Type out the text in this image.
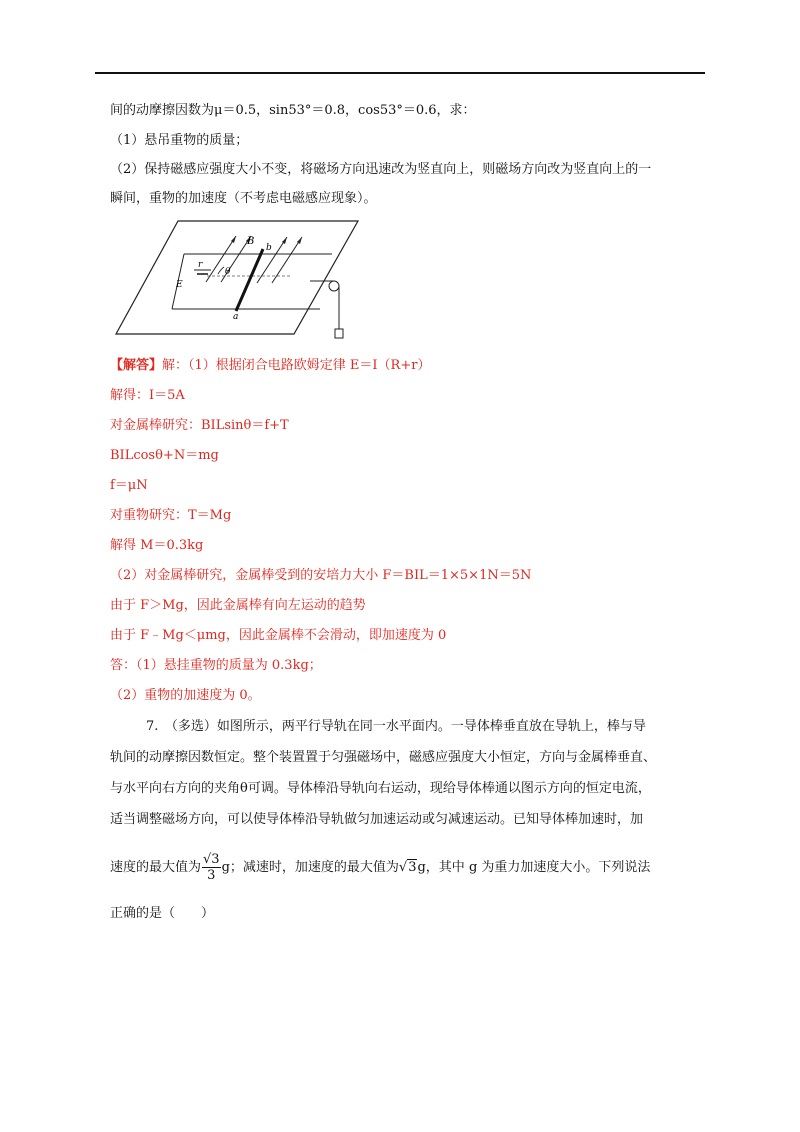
间的动摩擦因数为μ＝0.5，sin53°＝0.8，cos53°＝0.6，求：
（1）悬吊重物的质量；
（2）保持磁感应强度大小不变，将磁场方向迅速改为竖直向上，则磁场方向改为竖直向上的一
瞬间，重物的加速度（不考虑电磁感应现象）。
B
b
a
r
E
θ
【解答】解：（1）根据闭合电路欧姆定律 E＝I（R+r）
解得：I＝5A
对金属棒研究：BILsinθ＝f+T
BILcosθ+N＝mg
f＝μN
对重物研究：T＝Mg
解得 M＝0.3kg
（2）对金属棒研究，金属棒受到的安培力大小 F＝BIL＝1×5×1N＝5N
由于 F＞Mg，因此金属棒有向左运动的趋势
由于 F﹣Mg＜μmg，因此金属棒不会滑动，即加速度为 0
答：（1）悬挂重物的质量为 0.3kg；
（2）重物的加速度为 0。
7.　（多选）如图所示，两平行导轨在同一水平面内。一导体棒垂直放在导轨上，棒与导
轨间的动摩擦因数恒定。整个装置置于匀强磁场中，磁感应强度大小恒定，方向与金属棒垂直、
与水平向右方向的夹角θ可调。导体棒沿导轨向右运动，现给导体棒通以图示方向的恒定电流，
适当调整磁场方向，可以使导体棒沿导轨做匀加速运动或匀减速运动。已知导体棒加速时，加
速度的最大值为 $\frac{√3}{3}$ g；减速时，加速度的最大值为√3g，其中 g 为重力加速度大小。下列说法
正确的是（　　）
